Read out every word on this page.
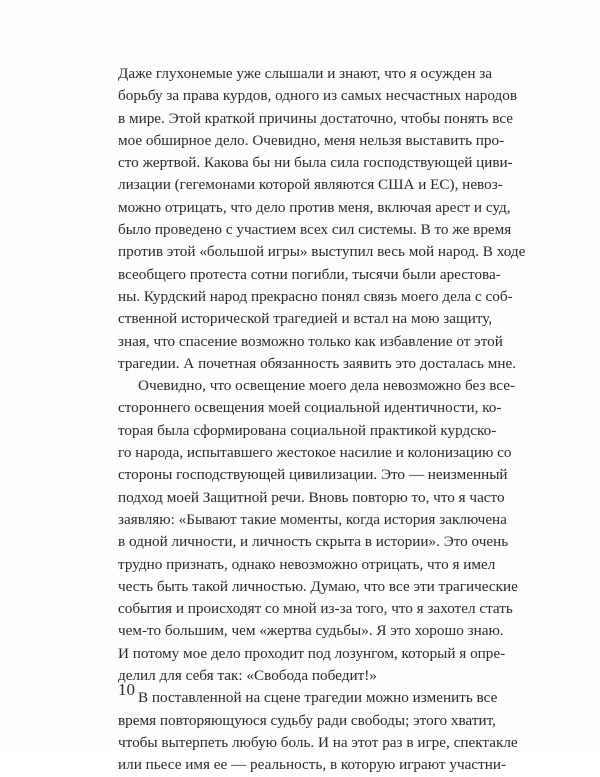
Даже глухонемые уже слышали и знают, что я осужден за
борьбу за права курдов, одного из самых несчастных народов
в мире. Этой краткой причины достаточно, чтобы понять все
мое обширное дело. Очевидно, меня нельзя выставить про-
сто жертвой. Какова бы ни была сила господствующей циви-
лизации (гегемонами которой являются США и ЕС), невоз-
можно отрицать, что дело против меня, включая арест и суд,
было проведено с участием всех сил системы. В то же время
против этой «большой игры» выступил весь мой народ. В ходе
всеобщего протеста сотни погибли, тысячи были арестова-
ны. Курдский народ прекрасно понял связь моего дела с соб-
ственной исторической трагедией и встал на мою защиту,
зная, что спасение возможно только как избавление от этой
трагедии. А почетная обязанность заявить это досталась мне.
Очевидно, что освещение моего дела невозможно без все-
стороннего освещения моей социальной идентичности, ко-
торая была сформирована социальной практикой курдско-
го народа, испытавшего жестокое насилие и колонизацию со
стороны господствующей цивилизации. Это — неизменный
подход моей Защитной речи. Вновь повторю то, что я часто
заявляю: «Бывают такие моменты, когда история заключена
в одной личности, и личность скрыта в истории». Это очень
трудно признать, однако невозможно отрицать, что я имел
честь быть такой личностью. Думаю, что все эти трагические
события и происходят со мной из-за того, что я захотел стать
чем-то большим, чем «жертва судьбы». Я это хорошо знаю.
И потому мое дело проходит под лозунгом, который я опре-
делил для себя так: «Свобода победит!»
В поставленной на сцене трагедии можно изменить все
время повторяющуюся судьбу ради свободы; этого хватит,
чтобы вытерпеть любую боль. И на этот раз в игре, спектакле
или пьесе имя ее — реальность, в которую играют участни-
10
